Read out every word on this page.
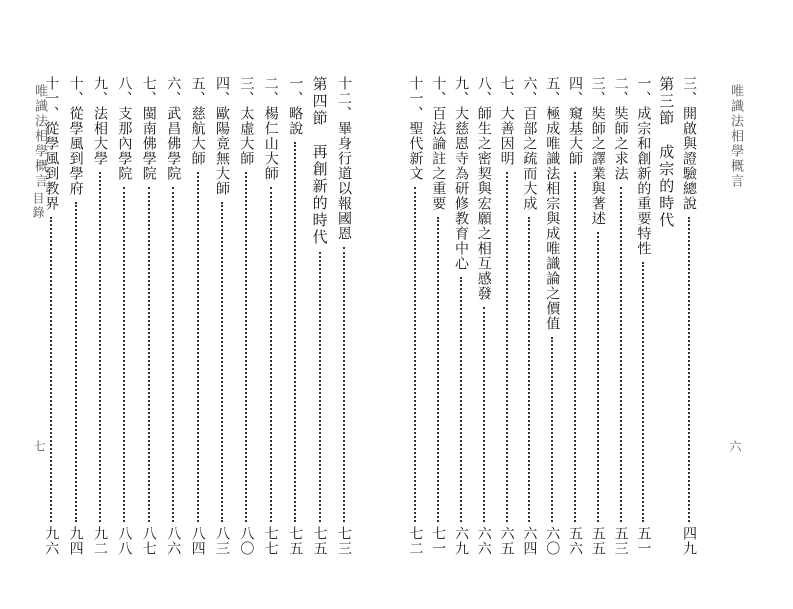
唯識法相學概言
目錄
七
十二、畢身行道以報國恩
七三
第四節　再創新的時代
七五
一、略說
七五
二、楊仁山大師
七七
三、太虛大師
八〇
四、歐陽竟無大師
八三
五、慈航大師
八四
六、武昌佛學院
八六
七、閩南佛學院
八七
八、支那內學院
八八
九、法相大學
九二
十、從學風到學府
九四
十一、從學風到教界
九六
唯識法相學概言
六
三、開啟與證驗總說
四九
第三節　成宗的時代
一、成宗和創新的重要特性
五一
二、奘師之求法
五三
三、奘師之譯業與著述
五五
四、窺基大師
五六
五、極成唯識法相宗與成唯識論之價值
六〇
六、百部之疏而大成
六四
七、大善因明
六五
八、師生之密契與宏願之相互感發
六六
九、大慈恩寺為研修教育中心
六九
十、百法論註之重要
七一
十一、聖代新文
七二
